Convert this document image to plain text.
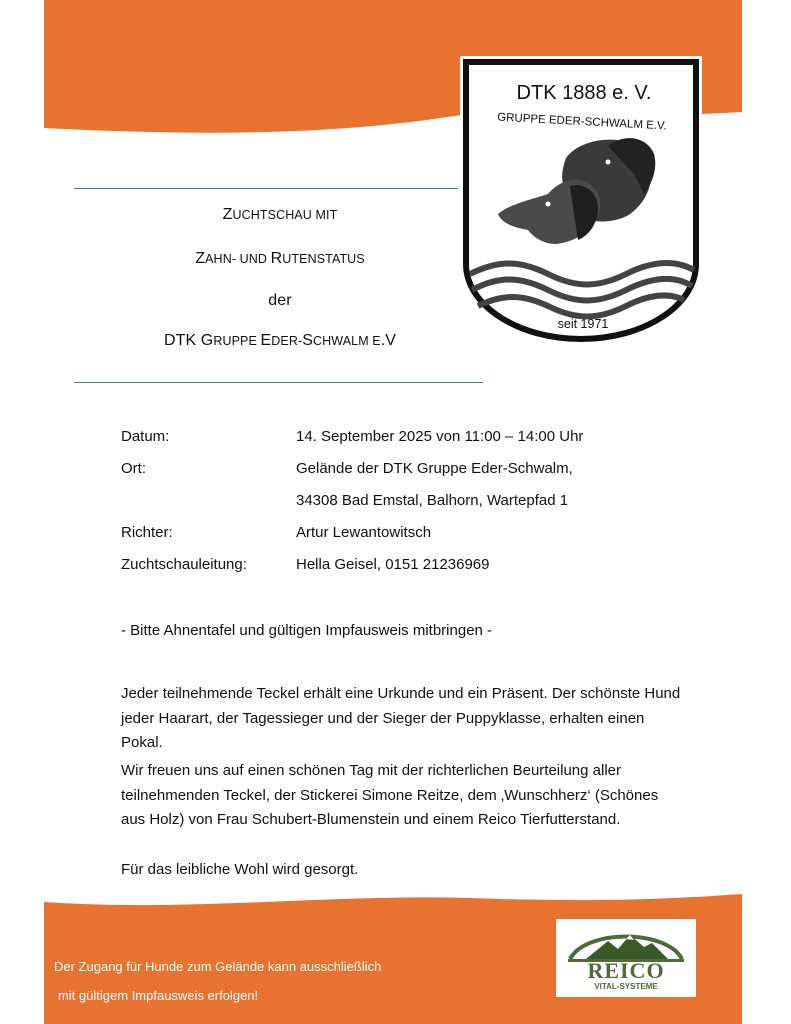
ZUCHTSCHAU MIT
ZAHN- UND RUTENSTATUS
der
DTK GRUPPE EDER-SCHWALM E.V
DTK 1888 e. V.
GRUPPE EDER-SCHWALM E.V.
seit 1971
Datum:	14. September 2025 von 11:00 – 14:00 Uhr
Ort:	Gelände der DTK Gruppe Eder-Schwalm,
34308 Bad Emstal, Balhorn, Wartepfad 1
Richter:	Artur Lewantowitsch
Zuchtschauleitung:	Hella Geisel, 0151 21236969
- Bitte Ahnentafel und gültigen Impfausweis mitbringen -
Jeder teilnehmende Teckel erhält eine Urkunde und ein Präsent. Der schönste Hund jeder Haarart, der Tagessieger und der Sieger der Puppyklasse, erhalten einen Pokal.
Wir freuen uns auf einen schönen Tag mit der richterlichen Beurteilung aller teilnehmenden Teckel, der Stickerei Simone Reitze, dem ‚Wunschherz‘ (Schönes aus Holz) von Frau Schubert-Blumenstein und einem Reico Tierfutterstand.
Für das leibliche Wohl wird gesorgt.
Der Zugang für Hunde zum Gelände kann ausschließlich
mit gültigem Impfausweis erfolgen!
REICO
VITAL-SYSTEME
